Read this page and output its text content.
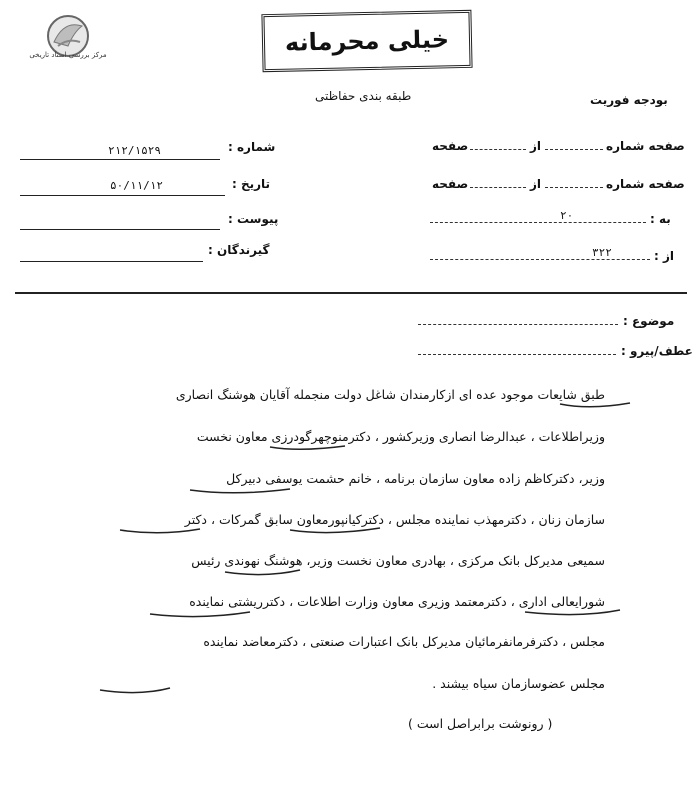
مرکز بررسی اسناد تاریخی	خیلی محرمانه
طبقه بندی حفاظتی	بودجه فوریت
صفحه شماره
از
صفحه
صفحه شماره
از
صفحه
به :
۲۰
از :
۳۲۲
شماره :
۲۱۲/۱۵۲۹
تاریخ :
۵۰/۱۱/۱۲
پیوست :
گیرندگان :
موضوع :
عطف/پیرو :
طبق شایعات موجود عده ای ازکارمندان شاغل دولت منجمله آقایان هوشنگ انصاری
وزیراطلاعات ، عبدالرضا انصاری وزیرکشور ، دکترمنوچهرگودرزی معاون نخست
وزیر، دکترکاظم زاده معاون سازمان برنامه ، خانم حشمت یوسفی دبیرکل
سازمان زنان ، دکترمهذب نماینده مجلس ، دکترکیانپورمعاون سابق گمرکات ، دکتر
سمیعی مدیرکل بانک مرکزی ، بهادری معاون نخست وزیر، هوشنگ نهوندی رئیس
شورایعالی اداری ، دکترمعتمد وزیری معاون وزارت اطلاعات ، دکترریشتی نماینده
مجلس ، دکترفرمانفرمائیان مدیرکل بانک اعتبارات صنعتی ، دکترمعاضد نماینده
مجلس عضوسازمان سیاه بیشند .
( رونوشت برابراصل است )
